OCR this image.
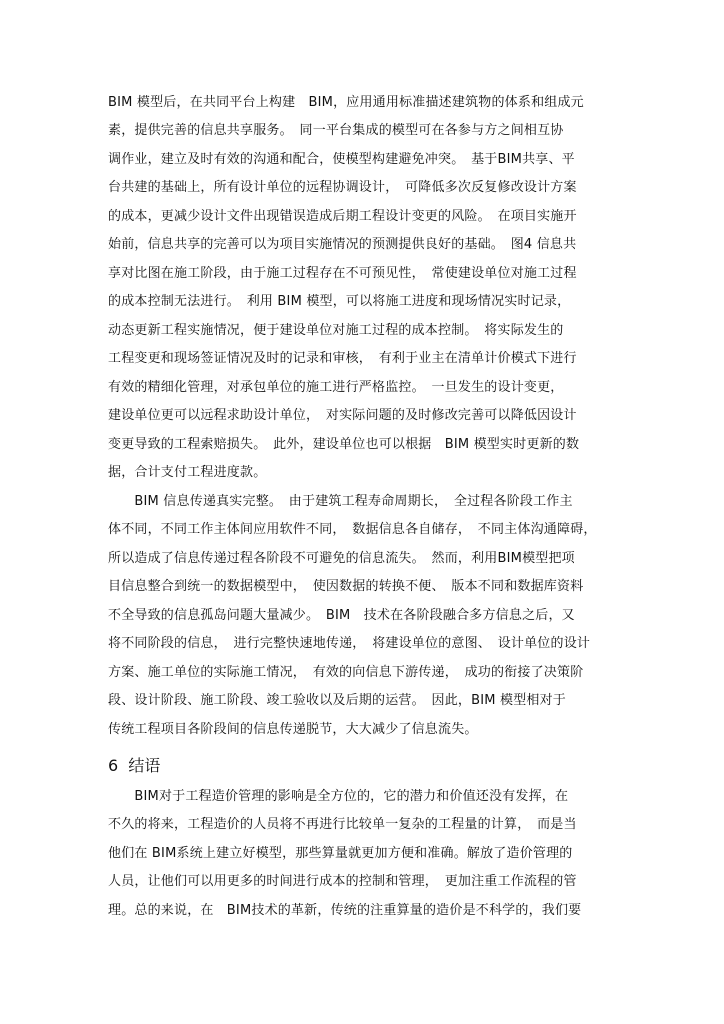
BIM 模型后，在共同平台上构建　BIM，应用通用标准描述建筑物的体系和组成元
素，提供完善的信息共享服务。　同一平台集成的模型可在各参与方之间相互协
调作业，建立及时有效的沟通和配合，使模型构建避免冲突。　基于BIM共享、平
台共建的基础上，所有设计单位的远程协调设计，　可降低多次反复修改设计方案
的成本，更减少设计文件出现错误造成后期工程设计变更的风险。　在项目实施开
始前，信息共享的完善可以为项目实施情况的预测提供良好的基础。　图4 信息共
享对比图在施工阶段，由于施工过程存在不可预见性，　常使建设单位对施工过程
的成本控制无法进行。　利用 BIM 模型，可以将施工进度和现场情况实时记录，
动态更新工程实施情况，便于建设单位对施工过程的成本控制。　将实际发生的
工程变更和现场签证情况及时的记录和审核，　有利于业主在清单计价模式下进行
有效的精细化管理，对承包单位的施工进行严格监控。　一旦发生的设计变更，
建设单位更可以远程求助设计单位，　对实际问题的及时修改完善可以降低因设计
变更导致的工程索赔损失。　此外，建设单位也可以根据　BIM 模型实时更新的数
据，合计支付工程进度款。
　　BIM 信息传递真实完整。　由于建筑工程寿命周期长，　全过程各阶段工作主
体不同，不同工作主体间应用软件不同，　数据信息各自储存，　不同主体沟通障碍，
所以造成了信息传递过程各阶段不可避免的信息流失。　然而，利用BIM模型把项
目信息整合到统一的数据模型中，　使因数据的转换不便、　版本不同和数据库资料
不全导致的信息孤岛问题大量减少。　BIM　技术在各阶段融合多方信息之后，又
将不同阶段的信息，　进行完整快速地传递，　将建设单位的意图、　设计单位的设计
方案、施工单位的实际施工情况，　有效的向信息下游传递，　成功的衔接了决策阶
段、设计阶段、施工阶段、竣工验收以及后期的运营。　因此，BIM 模型相对于
传统工程项目各阶段间的信息传递脱节，大大减少了信息流失。
6  结语
　　BIM对于工程造价管理的影响是全方位的，它的潜力和价值还没有发挥，在
不久的将来，工程造价的人员将不再进行比较单一复杂的工程量的计算，　而是当
他们在 BIM系统上建立好模型，那些算量就更加方便和准确。解放了造价管理的
人员，让他们可以用更多的时间进行成本的控制和管理，　更加注重工作流程的管
理。总的来说，在　BIM技术的革新，传统的注重算量的造价是不科学的，我们要
